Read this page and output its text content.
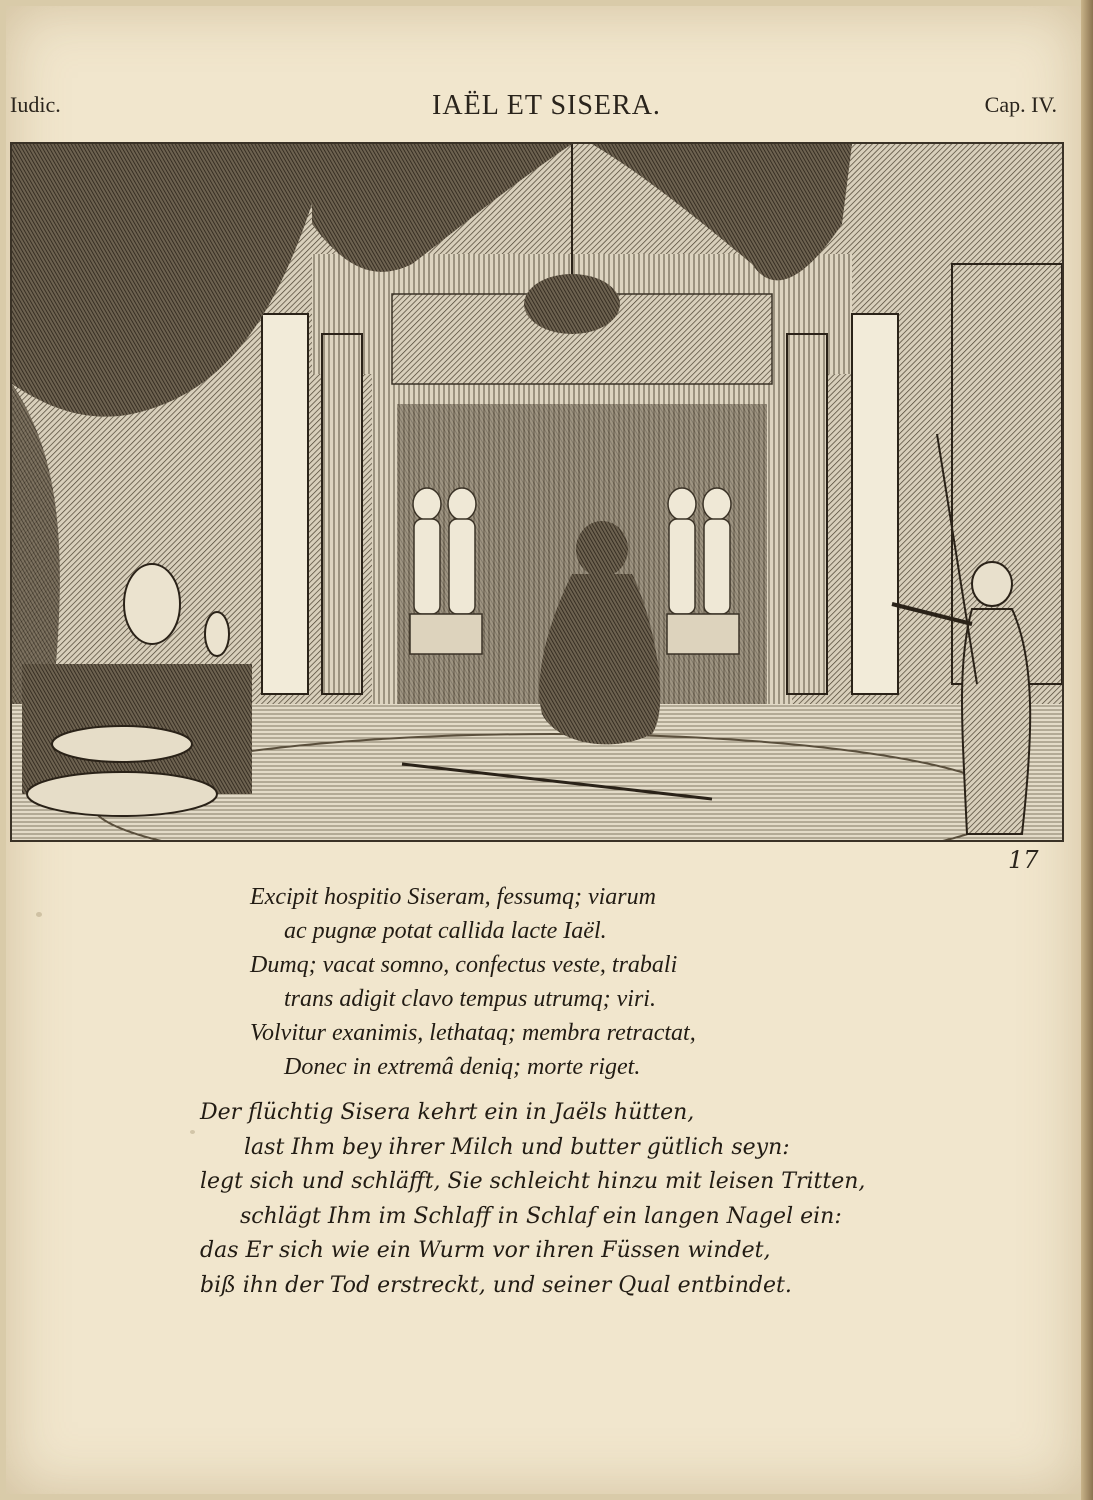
Iudic.	IAËL ET SISERA.	Cap. IV.
17
Excipit hospitio Siseram, fessumq; viarum
ac pugnæ potat callida lacte Iaël.
Dumq; vacat somno, confectus veste, trabali
trans adigit clavo tempus utrumq; viri.
Volvitur exanimis, lethataq; membra retractat,
Donec in extremâ deniq; morte riget.
Der flüchtig Sisera kehrt ein in Jaëls hütten,
last Ihm bey ihrer Milch und butter gütlich seyn:
legt sich und schläfft, Sie schleicht hinzu mit leisen Tritten,
schlägt Ihm im Schlaff in Schlaf ein langen Nagel ein:
das Er sich wie ein Wurm vor ihren Füssen windet,
biß ihn der Tod erstreckt, und seiner Qual entbindet.
